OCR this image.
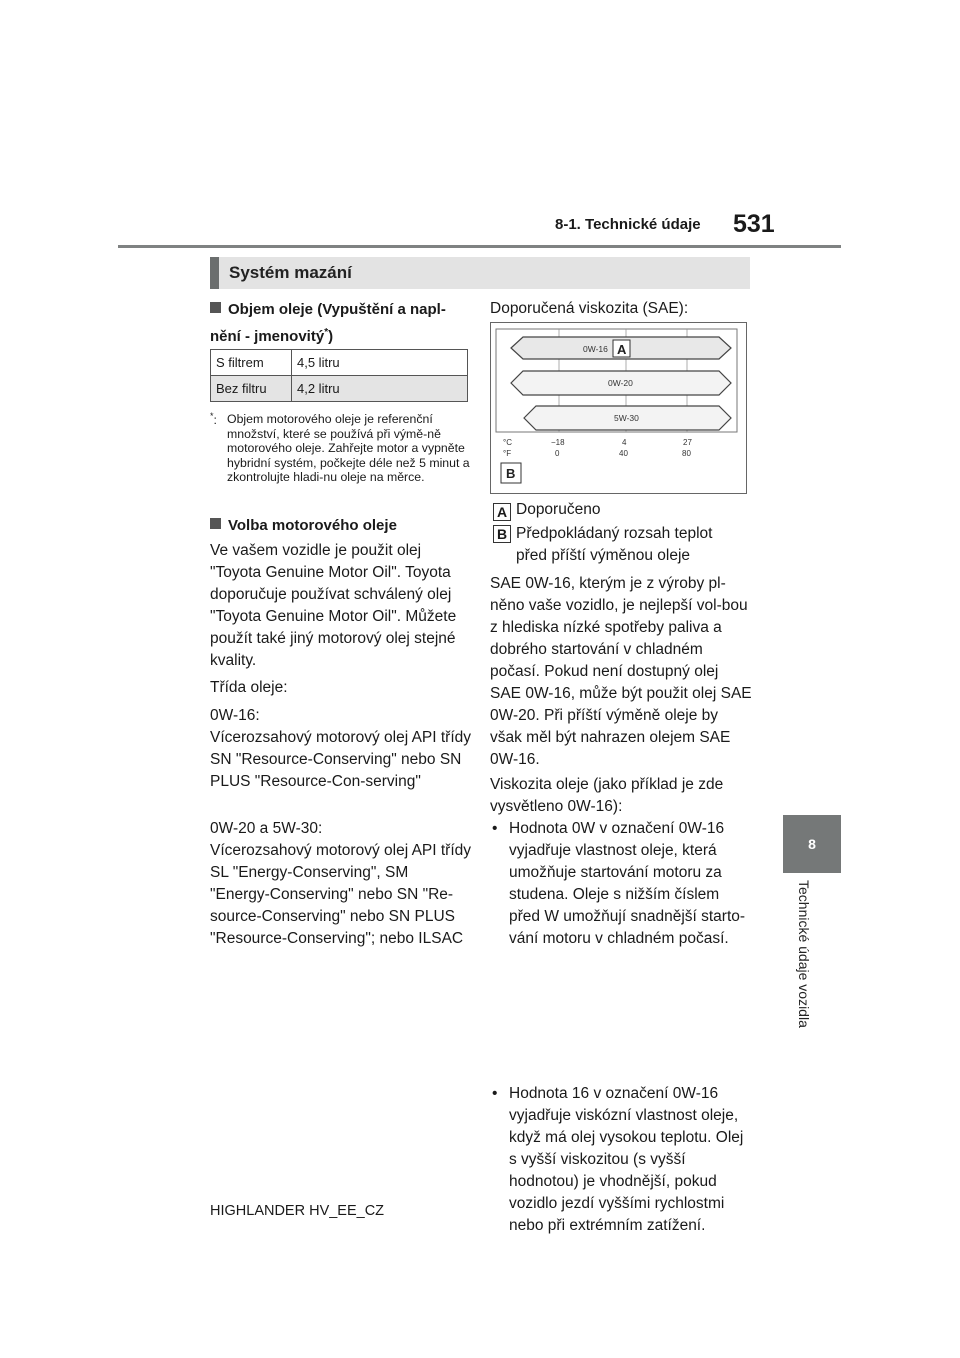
8-1. Technické údaje 531
8
Technické údaje vozidla
Systém mazání
Objem oleje (Vypuštění a napl-
nění - jmenovitý*)
S filtrem	4,5 litru
Bez filtru	4,2 litru
*: Objem motorového oleje je referenční množství, které se používá při výmě-ně motorového oleje. Zahřejte motor a vypněte hybridní systém, počkejte déle než 5 minut a zkontrolujte hladi-nu oleje na měrce.
Volba motorového oleje
Ve vašem vozidle je použit olej "Toyota Genuine Motor Oil". Toyota doporučuje používat schválený olej "Toyota Genuine Motor Oil". Můžete použít také jiný motorový olej stejné kvality.
Třída oleje:
0W-16:
Vícerozsahový motorový olej API třídy SN "Resource-Conserving" nebo SN PLUS "Resource-Con-serving"
0W-20 a 5W-30:
Vícerozsahový motorový olej API třídy SL "Energy-Conserving", SM "Energy-Conserving" nebo SN "Re-source-Conserving" nebo SN PLUS "Resource-Conserving"; nebo ILSAC
Doporučená viskozita (SAE):
0W-16 A
0W-20
5W-30
°C
°F
−18	4	27
0	40	80
B
A Doporučeno
B Předpokládaný rozsah teplot
před příští výměnou oleje
SAE 0W-16, kterým je z výroby pl-něno vaše vozidlo, je nejlepší vol-bou z hlediska nízké spotřeby paliva a dobrého startování v chladném počasí. Pokud není dostupný olej SAE 0W-16, může být použit olej SAE 0W-20. Při příští výměně oleje by však měl být nahrazen olejem SAE 0W-16.
Viskozita oleje (jako příklad je zde vysvětleno 0W-16):
• Hodnota 0W v označení 0W-16 vyjadřuje vlastnost oleje, která umožňuje startování motoru za studena. Oleje s nižším číslem před W umožňují snadnější starto-vání motoru v chladném počasí.
• Hodnota 16 v označení 0W-16 vyjadřuje viskózní vlastnost oleje, když má olej vysokou teplotu. Olej s vyšší viskozitou (s vyšší hodnotou) je vhodnější, pokud vozidlo jezdí vyššími rychlostmi nebo při extrémním zatížení.
HIGHLANDER HV_EE_CZ
